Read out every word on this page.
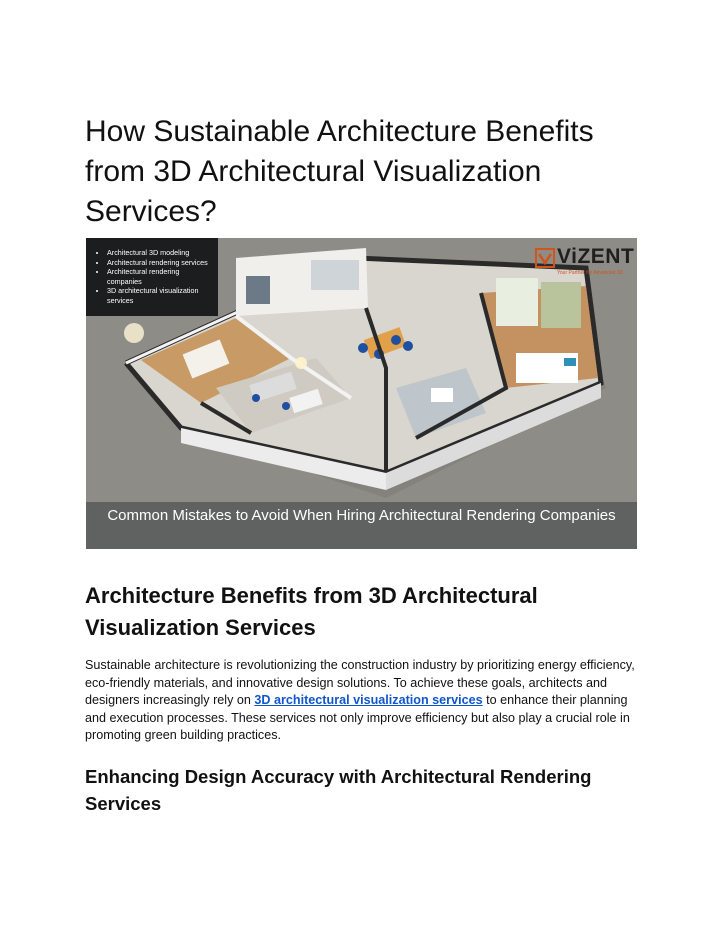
How Sustainable Architecture Benefits from 3D Architectural Visualization Services?
• Architectural 3D modeling
• Architectural rendering services
• Architectural rendering companies
• 3D architectural visualization services
ViZENT
Your Partner for Advanced 3D
Common Mistakes to Avoid When Hiring Architectural Rendering Companies
Architecture Benefits from 3D Architectural Visualization Services

Sustainable architecture is revolutionizing the construction industry by prioritizing energy efficiency, eco-friendly materials, and innovative design solutions. To achieve these goals, architects and designers increasingly rely on 3D architectural visualization services to enhance their planning and execution processes. These services not only improve efficiency but also play a crucial role in promoting green building practices.

Enhancing Design Accuracy with Architectural Rendering Services
